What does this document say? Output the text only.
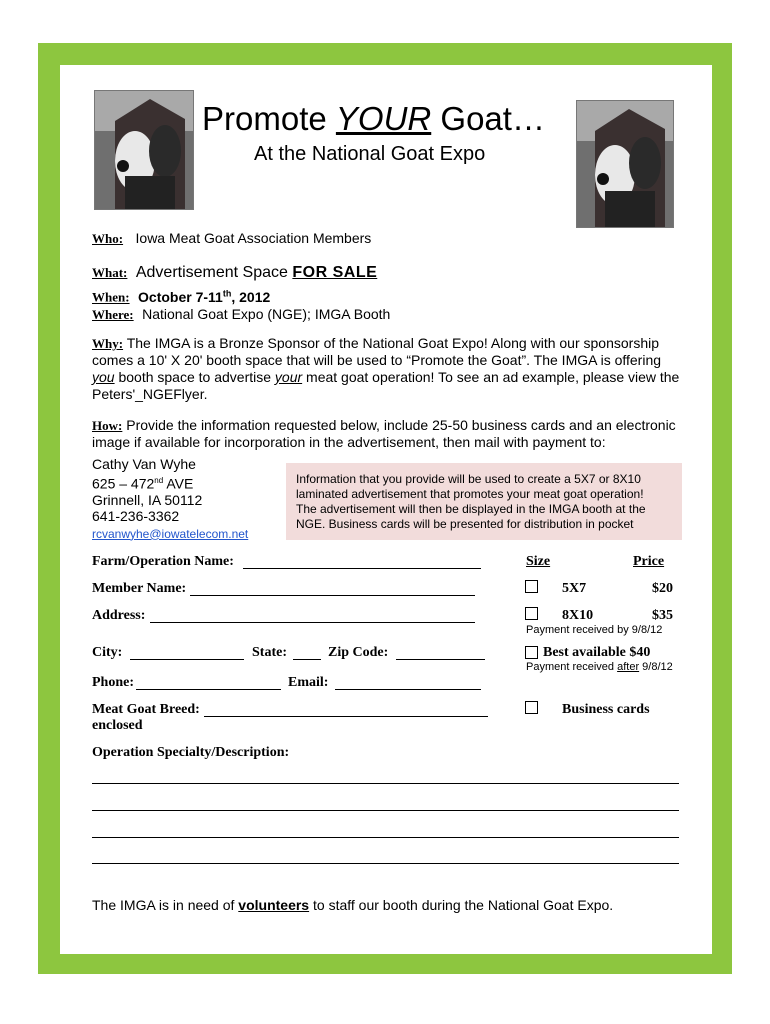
Promote YOUR Goat…
At the National Goat Expo
Who: Iowa Meat Goat Association Members
What: Advertisement Space FOR SALE
When: October 7-11th, 2012
Where: National Goat Expo (NGE); IMGA Booth
Why: The IMGA is a Bronze Sponsor of the National Goat Expo! Along with our sponsorship
comes a 10' X 20' booth space that will be used to “Promote the Goat”. The IMGA is offering
you booth space to advertise your meat goat operation! To see an ad example, please view the
Peters'_NGEFlyer.
How: Provide the information requested below, include 25-50 business cards and an electronic
image if available for incorporation in the advertisement, then mail with payment to:
Cathy Van Wyhe
625 – 472nd AVE
Grinnell, IA 50112
641-236-3362
rcvanwyhe@iowatelecom.net
Information that you provide will be used to create a 5X7 or 8X10
laminated advertisement that promotes your meat goat operation!
The advertisement will then be displayed in the IMGA booth at the
NGE. Business cards will be presented for distribution in pocket
Farm/Operation Name:
Member Name:
Address:
City:	State:	Zip Code:
Phone:	Email:
Meat Goat Breed:
enclosed
Operation Specialty/Description:
Size	Price
5X7	$20
8X10	$35
Payment received by 9/8/12
Best available $40
Payment received after 9/8/12
Business cards
The IMGA is in need of volunteers to staff our booth during the National Goat Expo.
